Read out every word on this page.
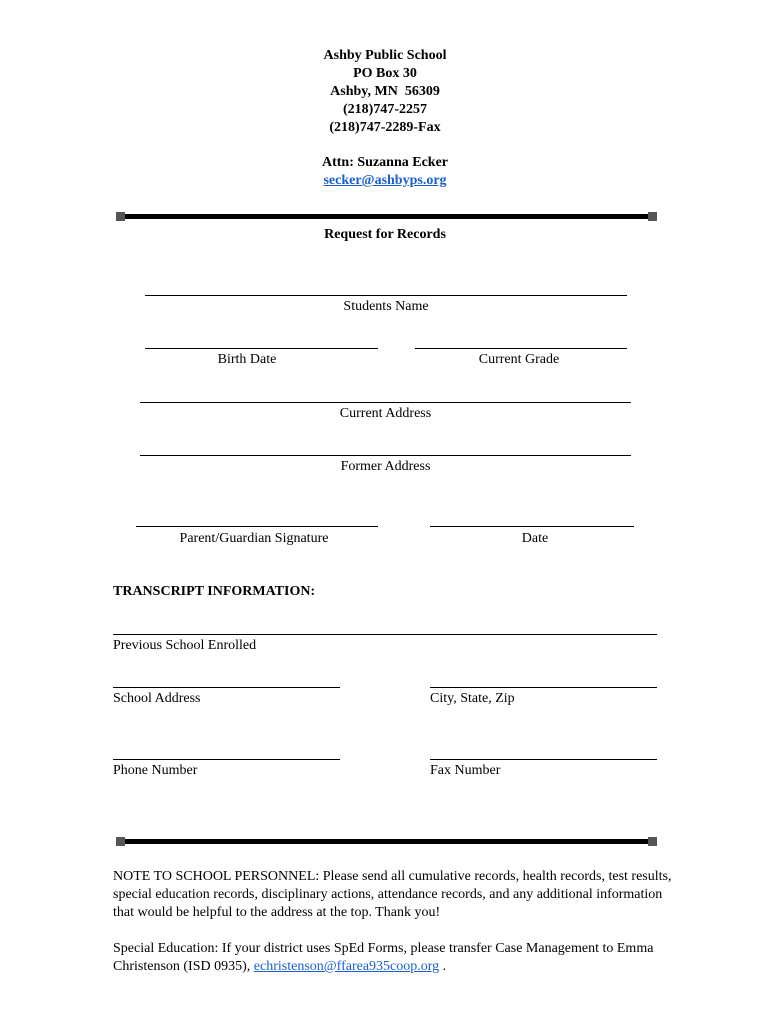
Ashby Public School
PO Box 30
Ashby, MN  56309
(218)747-2257
(218)747-2289-Fax
Attn: Suzanna Ecker
secker@ashbyps.org
Request for Records
Students Name
Birth Date	Current Grade
Current Address
Former Address
Parent/Guardian Signature	Date
TRANSCRIPT INFORMATION:
Previous School Enrolled
School Address	City, State, Zip
Phone Number	Fax Number
NOTE TO SCHOOL PERSONNEL: Please send all cumulative records, health records, test results, special education records, disciplinary actions, attendance records, and any additional information that would be helpful to the address at the top. Thank you!
Special Education: If your district uses SpEd Forms, please transfer Case Management to Emma Christenson (ISD 0935), echristenson@ffarea935coop.org .
